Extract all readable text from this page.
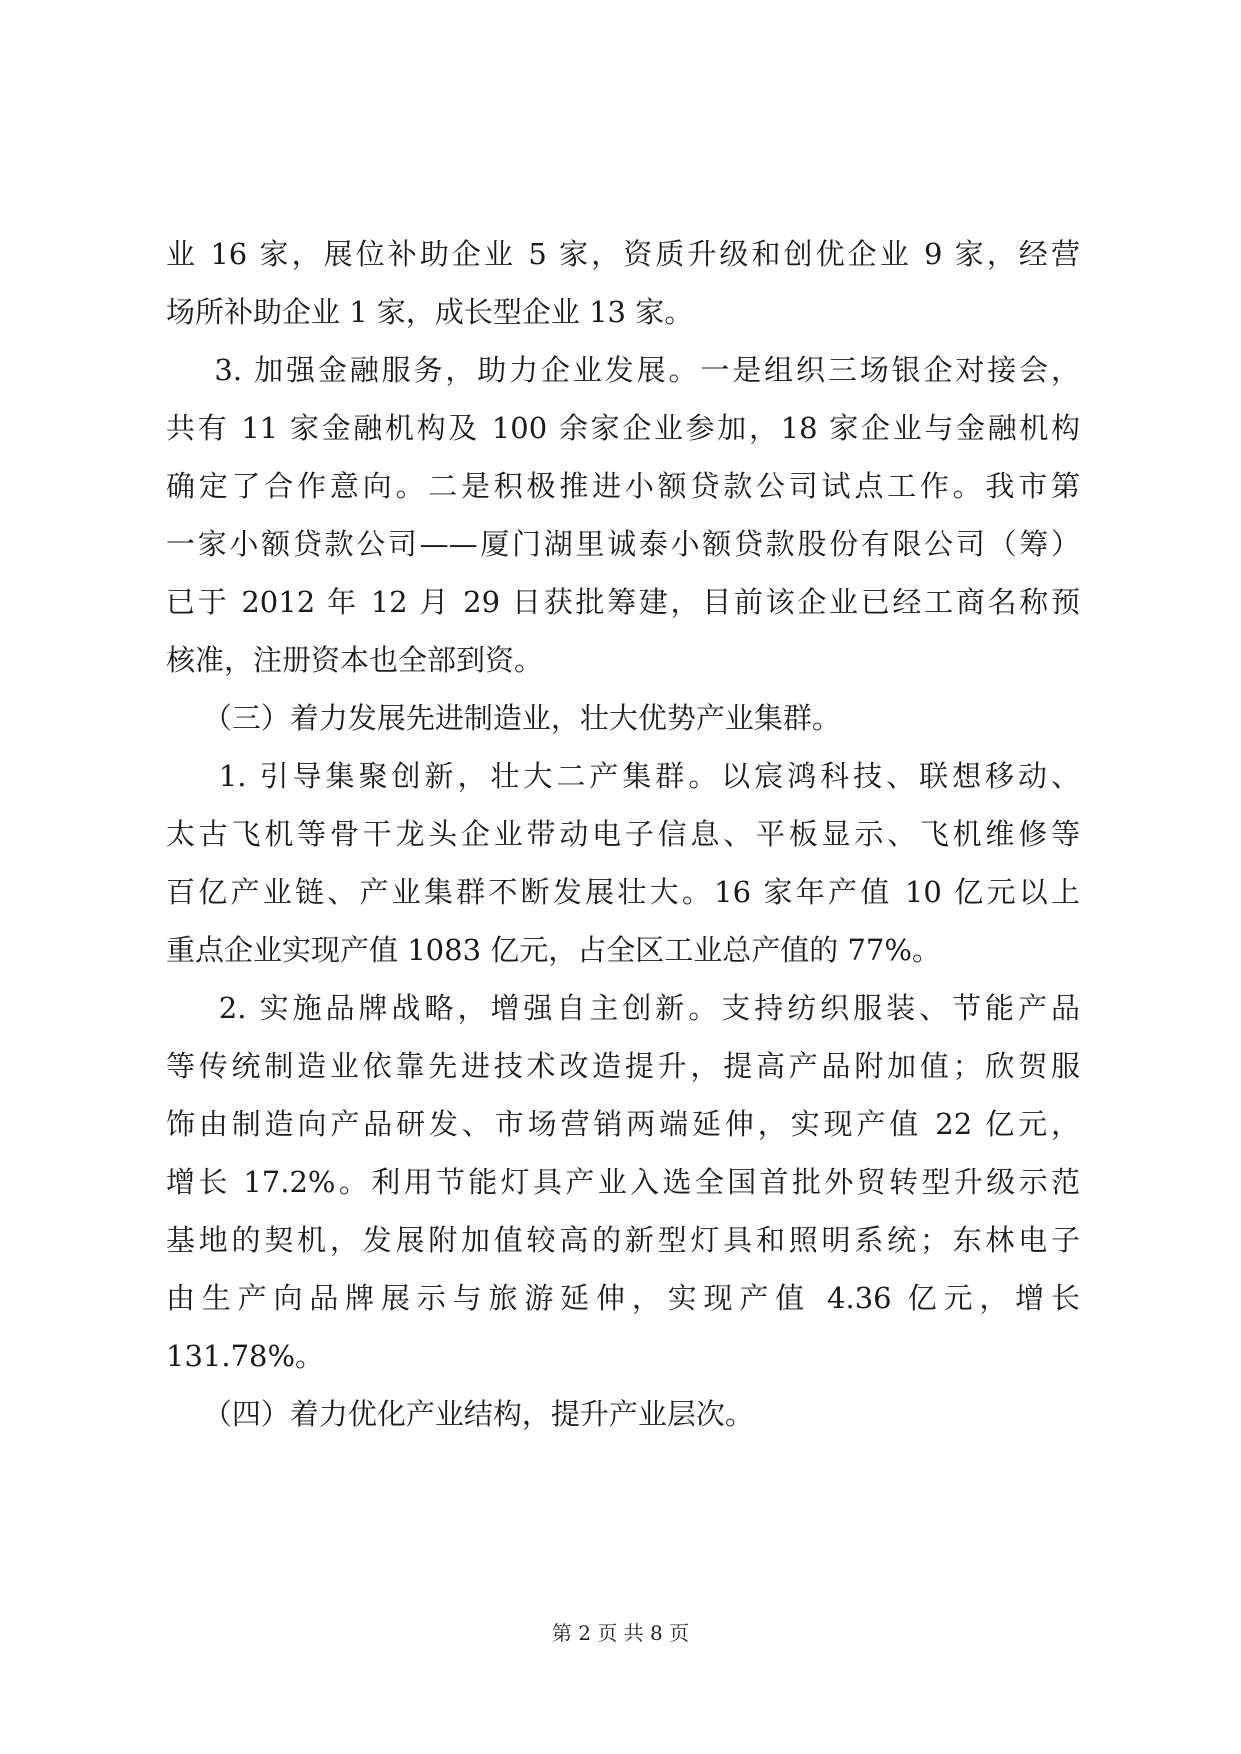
业 16 家，展位补助企业 5 家，资质升级和创优企业 9 家，经营
场所补助企业 1 家，成长型企业 13 家。
3. 加强金融服务，助力企业发展。一是组织三场银企对接会，
共有 11 家金融机构及 100 余家企业参加，18 家企业与金融机构
确定了合作意向。二是积极推进小额贷款公司试点工作。我市第
一家小额贷款公司——厦门湖里诚泰小额贷款股份有限公司（筹）
已于 2012 年 12 月 29 日获批筹建，目前该企业已经工商名称预
核准，注册资本也全部到资。
（三）着力发展先进制造业，壮大优势产业集群。
1. 引导集聚创新，壮大二产集群。以宸鸿科技、联想移动、
太古飞机等骨干龙头企业带动电子信息、平板显示、飞机维修等
百亿产业链、产业集群不断发展壮大。16 家年产值 10 亿元以上
重点企业实现产值 1083 亿元，占全区工业总产值的 77%。
2. 实施品牌战略，增强自主创新。支持纺织服装、节能产品
等传统制造业依靠先进技术改造提升，提高产品附加值；欣贺服
饰由制造向产品研发、市场营销两端延伸，实现产值 22 亿元，
增长 17.2%。利用节能灯具产业入选全国首批外贸转型升级示范
基地的契机，发展附加值较高的新型灯具和照明系统；东林电子
由生产向品牌展示与旅游延伸，实现产值 4.36 亿元，增长
131.78%。
（四）着力优化产业结构，提升产业层次。
第 2 页 共 8 页
